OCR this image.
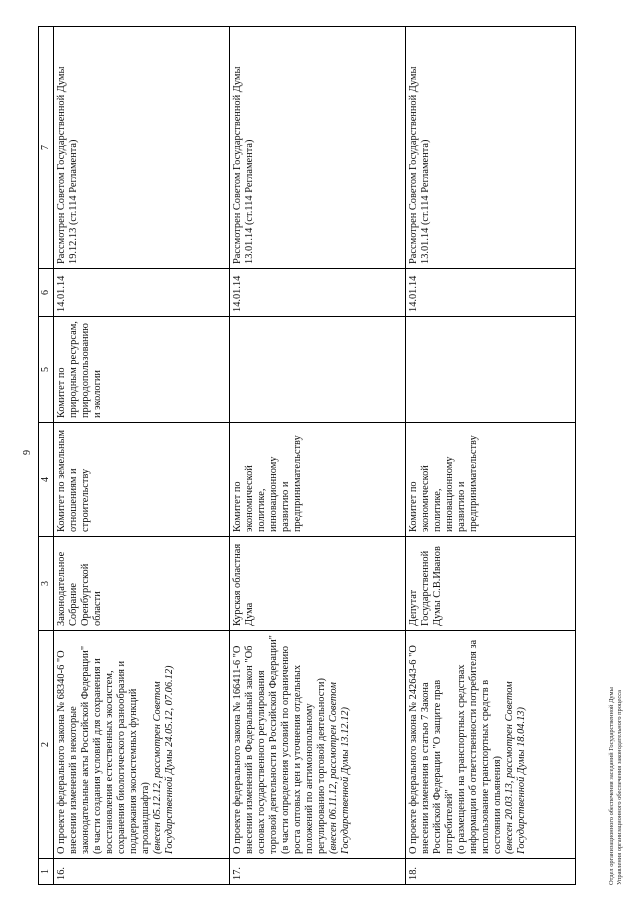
9
1	2	3	4	5	6	7
16.	О проекте федерального закона № 68340-6 "О внесении изменений в некоторые законодательные акты Российской Федерации" (в части создания условий для сохранения и восстановления естественных экосистем, сохранения биологического разнообразия и поддержания экосистемных функций агроландшафта) (внесен 05.12.12, рассмотрен Советом Государственной Думы 24.05.12, 07.06.12)	Законодательное Собрание Оренбургской области	Комитет по земельным отношениям и строительству	Комитет по природным ресурсам, природопользованию и экологии	14.01.14	Рассмотрен Советом Государственной Думы 19.12.13 (ст.114 Регламента)
17.	О проекте федерального закона № 166411-6 "О внесении изменений в Федеральный закон "Об основах государственного регулирования торговой деятельности в Российской Федерации" (в части определения условий по ограничению роста оптовых цен и уточнения отдельных положений по антимонопольному регулированию торговой деятельности) (внесен 06.11.12, рассмотрен Советом Государственной Думы 13.12.12)	Курская областная Дума	Комитет по экономической политике, инновационному развитию и предпринимательству		14.01.14	Рассмотрен Советом Государственной Думы 13.01.14 (ст.114 Регламента)
18.	О проекте федерального закона № 242643-6 "О внесении изменения в статью 7 Закона Российской Федерации "О защите прав потребителей" (о размещении на транспортных средствах информации об ответственности потребителя за использование транспортных средств в состоянии опьянения) (внесен 20.03.13, рассмотрен Советом Государственной Думы 18.04.13)	Депутат Государственной Думы С.В.Иванов	Комитет по экономической политике, инновационному развитию и предпринимательству		14.01.14	Рассмотрен Советом Государственной Думы 13.01.14 (ст.114 Регламента)
Отдел организационного обеспечения заседаний Государственной Думы Управления организационного обеспечения законодательного процесса
